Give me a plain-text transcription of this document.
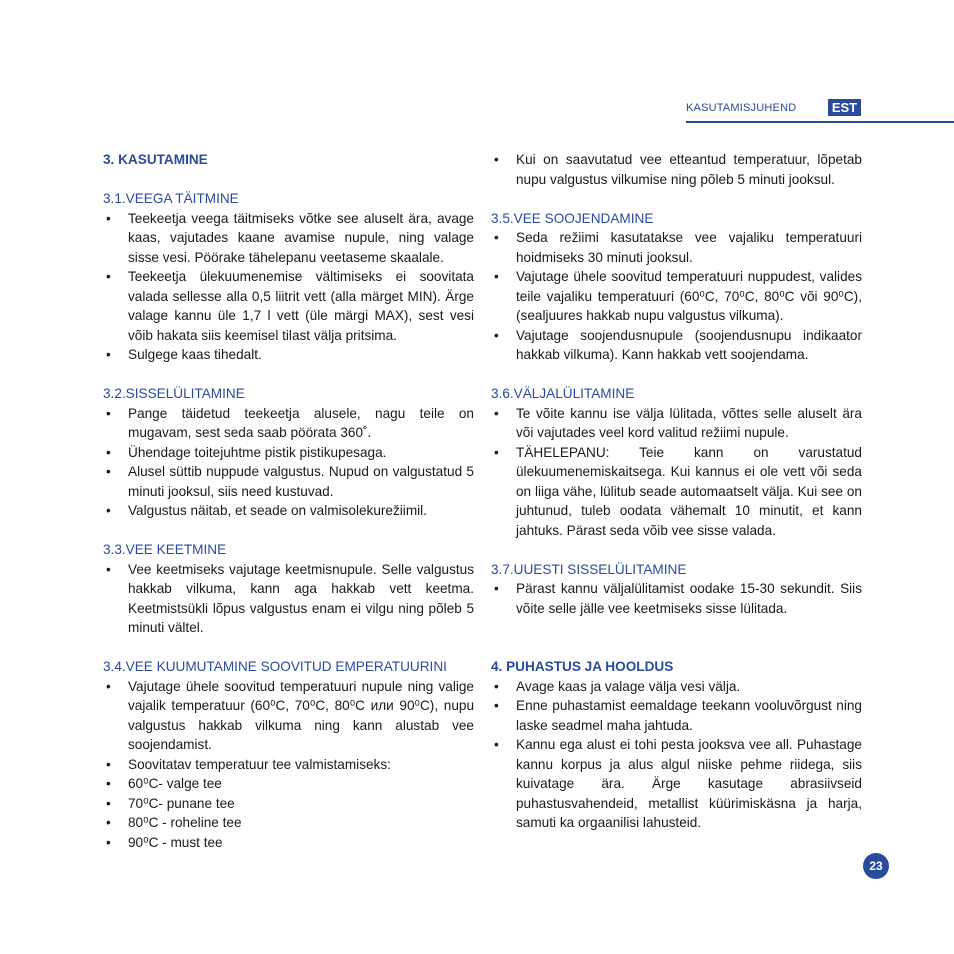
KASUTAMISJUHEND	EST
3. KASUTAMINE
3.1.VEEGA TÄITMINE
• Teekeetja veega täitmiseks võtke see aluselt ära, avage kaas, vajutades kaane avamise nupule, ning valage sisse vesi. Pöörake tähelepanu veetaseme skaalale.
• Teekeetja ülekuumenemise vältimiseks ei soovitata valada sellesse alla 0,5 liitrit vett (alla märget MIN). Ärge valage kannu üle 1,7 l vett (üle märgi MAX), sest vesi võib hakata siis keemisel tilast välja pritsima.
• Sulgege kaas tihedalt.
3.2.SISSELÜLITAMINE
• Pange täidetud teekeetja alusele, nagu teile on mugavam, sest seda saab pöörata 360˚.
• Ühendage toitejuhtme pistik pistikupesaga.
• Alusel süttib nuppude valgustus. Nupud on valgustatud 5 minuti jooksul, siis need kustuvad.
• Valgustus näitab, et seade on valmisolekurežiimil.
3.3.VEE KEETMINE
• Vee keetmiseks vajutage keetmisnupule. Selle valgustus hakkab vilkuma, kann aga hakkab vett keetma. Keetmistsükli lõpus valgustus enam ei vilgu ning põleb 5 minuti vältel.
3.4.VEE KUUMUTAMINE SOOVITUD EMPERATUURINI
• Vajutage ühele soovitud temperatuuri nupule ning valige vajalik temperatuur (60⁰C, 70⁰C, 80⁰C или 90⁰C), nupu valgustus hakkab vilkuma ning kann alustab vee soojendamist.
• Soovitatav temperatuur tee valmistamiseks:
• 60⁰C- valge tee
• 70⁰C- punane tee
• 80⁰C - roheline tee
• 90⁰C - must tee
• Kui on saavutatud vee etteantud temperatuur, lõpetab nupu valgustus vilkumise ning põleb 5 minuti jooksul.
3.5.VEE SOOJENDAMINE
• Seda režiimi kasutatakse vee vajaliku temperatuuri hoidmiseks 30 minuti jooksul.
• Vajutage ühele soovitud temperatuuri nuppudest, valides teile vajaliku temperatuuri (60⁰C, 70⁰C, 80⁰C või 90⁰C), (sealjuures hakkab nupu valgustus vilkuma).
• Vajutage soojendusnupule (soojendusnupu indikaator hakkab vilkuma). Kann hakkab vett soojendama.
3.6.VÄLJALÜLITAMINE
• Te võite kannu ise välja lülitada, võttes selle aluselt ära või vajutades veel kord valitud režiimi nupule.
• TÄHELEPANU: Teie kann on varustatud ülekuumenemiskaitsega. Kui kannus ei ole vett või seda on liiga vähe, lülitub seade automaatselt välja. Kui see on juhtunud, tuleb oodata vähemalt 10 minutit, et kann jahtuks. Pärast seda võib vee sisse valada.
3.7.UUESTI SISSELÜLITAMINE
• Pärast kannu väljalülitamist oodake 15-30 sekundit. Siis võite selle jälle vee keetmiseks sisse lülitada.
4. PUHASTUS JA HOOLDUS
• Avage kaas ja valage välja vesi välja.
• Enne puhastamist eemaldage teekann vooluvõrgust ning laske seadmel maha jahtuda.
• Kannu ega alust ei tohi pesta jooksva vee all. Puhastage kannu korpus ja alus algul niiske pehme riidega, siis kuivatage ära. Ärge kasutage abrasiivseid puhastusvahendeid, metallist küürimiskäsna ja harja, samuti ka orgaanilisi lahusteid.
23
